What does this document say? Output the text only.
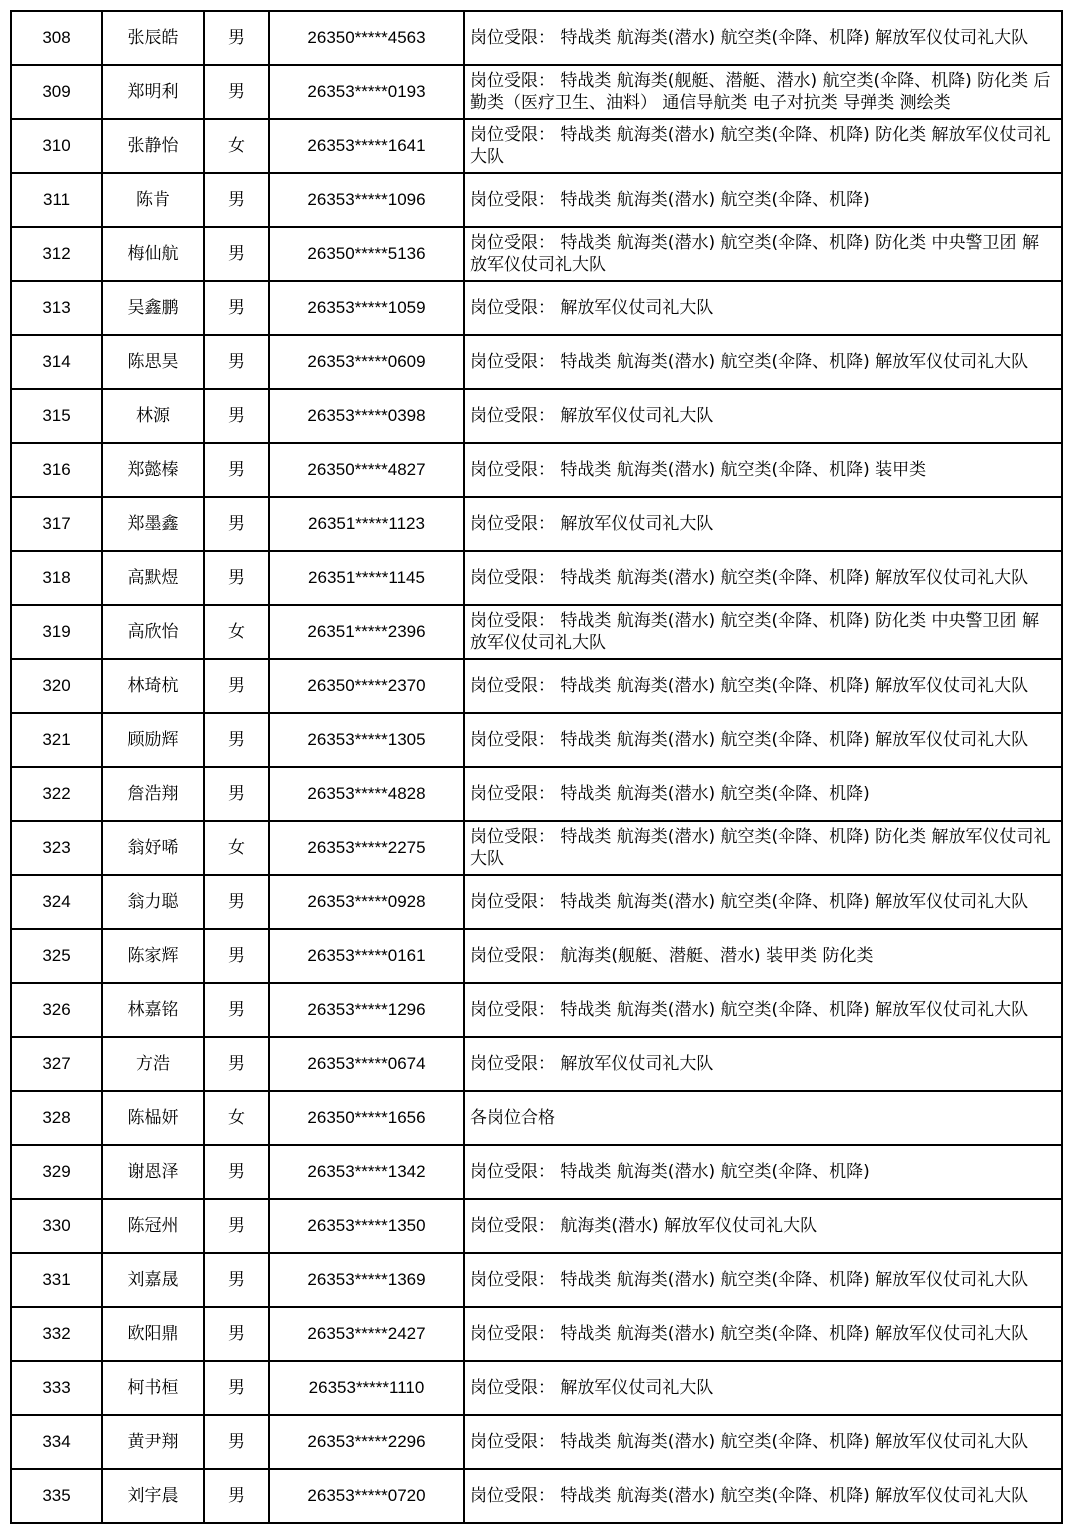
308	张辰皓	男	26350*****4563	岗位受限： 特战类 航海类(潜水) 航空类(伞降、机降) 解放军仪仗司礼大队
309	郑明利	男	26353*****0193	岗位受限： 特战类 航海类(舰艇、潜艇、潜水) 航空类(伞降、机降) 防化类 后勤类（医疗卫生、油料） 通信导航类 电子对抗类 导弹类 测绘类
310	张静怡	女	26353*****1641	岗位受限： 特战类 航海类(潜水) 航空类(伞降、机降) 防化类 解放军仪仗司礼大队
311	陈肯	男	26353*****1096	岗位受限： 特战类 航海类(潜水) 航空类(伞降、机降)
312	梅仙航	男	26350*****5136	岗位受限： 特战类 航海类(潜水) 航空类(伞降、机降) 防化类 中央警卫团 解放军仪仗司礼大队
313	吴鑫鹏	男	26353*****1059	岗位受限： 解放军仪仗司礼大队
314	陈思昊	男	26353*****0609	岗位受限： 特战类 航海类(潜水) 航空类(伞降、机降) 解放军仪仗司礼大队
315	林源	男	26353*****0398	岗位受限： 解放军仪仗司礼大队
316	郑懿榛	男	26350*****4827	岗位受限： 特战类 航海类(潜水) 航空类(伞降、机降) 装甲类
317	郑墨鑫	男	26351*****1123	岗位受限： 解放军仪仗司礼大队
318	高默煜	男	26351*****1145	岗位受限： 特战类 航海类(潜水) 航空类(伞降、机降) 解放军仪仗司礼大队
319	高欣怡	女	26351*****2396	岗位受限： 特战类 航海类(潜水) 航空类(伞降、机降) 防化类 中央警卫团 解放军仪仗司礼大队
320	林琦杭	男	26350*****2370	岗位受限： 特战类 航海类(潜水) 航空类(伞降、机降) 解放军仪仗司礼大队
321	顾励辉	男	26353*****1305	岗位受限： 特战类 航海类(潜水) 航空类(伞降、机降) 解放军仪仗司礼大队
322	詹浩翔	男	26353*****4828	岗位受限： 特战类 航海类(潜水) 航空类(伞降、机降)
323	翁妤唏	女	26353*****2275	岗位受限： 特战类 航海类(潜水) 航空类(伞降、机降) 防化类 解放军仪仗司礼大队
324	翁力聪	男	26353*****0928	岗位受限： 特战类 航海类(潜水) 航空类(伞降、机降) 解放军仪仗司礼大队
325	陈家辉	男	26353*****0161	岗位受限： 航海类(舰艇、潜艇、潜水) 装甲类 防化类
326	林嘉铭	男	26353*****1296	岗位受限： 特战类 航海类(潜水) 航空类(伞降、机降) 解放军仪仗司礼大队
327	方浩	男	26353*****0674	岗位受限： 解放军仪仗司礼大队
328	陈榀妍	女	26350*****1656	各岗位合格
329	谢恩泽	男	26353*****1342	岗位受限： 特战类 航海类(潜水) 航空类(伞降、机降)
330	陈冠州	男	26353*****1350	岗位受限： 航海类(潜水) 解放军仪仗司礼大队
331	刘嘉晟	男	26353*****1369	岗位受限： 特战类 航海类(潜水) 航空类(伞降、机降) 解放军仪仗司礼大队
332	欧阳鼎	男	26353*****2427	岗位受限： 特战类 航海类(潜水) 航空类(伞降、机降) 解放军仪仗司礼大队
333	柯书桓	男	26353*****1110	岗位受限： 解放军仪仗司礼大队
334	黄尹翔	男	26353*****2296	岗位受限： 特战类 航海类(潜水) 航空类(伞降、机降) 解放军仪仗司礼大队
335	刘宇晨	男	26353*****0720	岗位受限： 特战类 航海类(潜水) 航空类(伞降、机降) 解放军仪仗司礼大队
